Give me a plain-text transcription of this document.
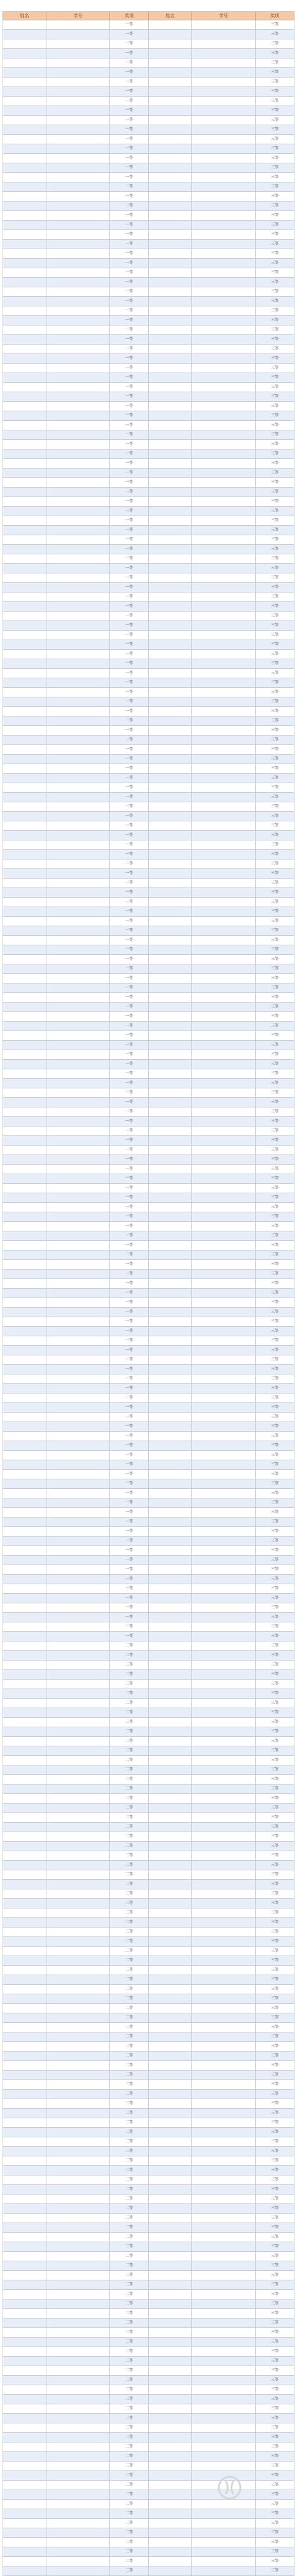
姓名	学号	奖项	姓名	学号	奖项
		一等			三等
		一等			三等
		一等			三等
		一等			三等
		一等			三等
		一等			三等
		一等			三等
		一等			三等
		一等			三等
		一等			三等
		一等			三等
		一等			三等
		一等			三等
		一等			三等
		一等			三等
		一等			三等
		一等			三等
		一等			三等
		一等			三等
		一等			三等
		一等			三等
		一等			三等
		一等			三等
		一等			三等
		一等			三等
		一等			三等
		一等			三等
		一等			三等
		一等			三等
		一等			三等
		一等			三等
		一等			三等
		一等			三等
		一等			三等
		一等			三等
		一等			三等
		一等			三等
		一等			三等
		一等			三等
		一等			三等
		一等			三等
		一等			三等
		一等			三等
		一等			三等
		一等			三等
		一等			三等
		一等			三等
		一等			三等
		一等			三等
		一等			三等
		一等			三等
		一等			三等
		一等			三等
		一等			三等
		一等			三等
		一等			三等
		一等			三等
		一等			三等
		一等			三等
		一等			三等
		一等			三等
		一等			三等
		一等			三等
		一等			三等
		一等			三等
		一等			三等
		一等			三等
		一等			三等
		一等			三等
		一等			三等
		一等			三等
		一等			三等
		一等			三等
		一等			三等
		一等			三等
		一等			三等
		一等			三等
		一等			三等
		一等			三等
		一等			三等
		一等			三等
		一等			三等
		一等			三等
		一等			三等
		一等			三等
		一等			三等
		一等			三等
		一等			三等
		一等			三等
		一等			三等
		一等			三等
		一等			三等
		一等			三等
		一等			三等
		一等			三等
		一等			三等
		一等			三等
		一等			三等
		一等			三等
		一等			三等
		一等			三等
		一等			三等
		一等			三等
		一等			三等
		一等			三等
		一等			三等
		一等			三等
		一等			三等
		一等			三等
		一等			三等
		一等			三等
		一等			三等
		一等			三等
		一等			三等
		一等			三等
		一等			三等
		一等			三等
		一等			三等
		一等			三等
		一等			三等
		一等			三等
		一等			三等
		一等			三等
		一等			三等
		一等			三等
		一等			三等
		一等			三等
		一等			三等
		一等			三等
		一等			三等
		一等			三等
		一等			三等
		一等			三等
		一等			三等
		一等			三等
		一等			三等
		一等			三等
		一等			三等
		一等			三等
		一等			三等
		一等			三等
		一等			三等
		一等			三等
		一等			三等
		一等			三等
		一等			三等
		一等			三等
		一等			三等
		一等			三等
		一等			三等
		一等			三等
		一等			三等
		一等			三等
		一等			三等
		一等			三等
		一等			三等
		一等			三等
		一等			三等
		一等			三等
		一等			三等
		一等			三等
		一等			三等
		一等			三等
		一等			三等
		一等			三等
		一等			三等
		一等			三等
		一等			三等
		一等			三等
		一等			三等
		二等			三等
		二等			三等
		二等			三等
		二等			三等
		二等			三等
		二等			三等
		二等			三等
		二等			三等
		二等			三等
		二等			三等
		二等			三等
		二等			三等
		二等			三等
		二等			三等
		二等			三等
		二等			三等
		二等			三等
		二等			三等
		二等			三等
		二等			三等
		二等			三等
		二等			三等
		二等			三等
		二等			三等
		二等			三等
		二等			三等
		二等			三等
		二等			三等
		二等			三等
		二等			三等
		二等			三等
		二等			三等
		二等			三等
		二等			三等
		二等			三等
		二等			三等
		二等			三等
		二等			三等
		二等			三等
		二等			三等
		二等			三等
		二等			三等
		二等			三等
		二等			三等
		二等			三等
		二等			三等
		二等			三等
		二等			三等
		二等			三等
		二等			三等
		二等			三等
		二等			三等
		二等			三等
		二等			三等
		二等			三等
		二等			三等
		二等			三等
		二等			三等
		二等			三等
		二等			三等
		二等			三等
		二等			三等
		二等			三等
		二等			三等
		二等			三等
		二等			三等
		二等			三等
		二等			三等
		二等			三等
		二等			三等
		二等			三等
		二等			三等
		二等			三等
		二等			三等
		二等			三等
		二等			三等
		二等			三等
		二等			三等
		二等			三等
		二等			三等
		二等			三等
		二等			三等
		二等			三等
		二等			三等
		二等			三等
		二等			三等
		二等			三等
		二等			三等
		二等			三等
		二等			三等
		二等			三等
		二等			三等
		二等			三等
		二等			三等
		二等			三等
		二等			三等
		二等			三等
		二等			三等
